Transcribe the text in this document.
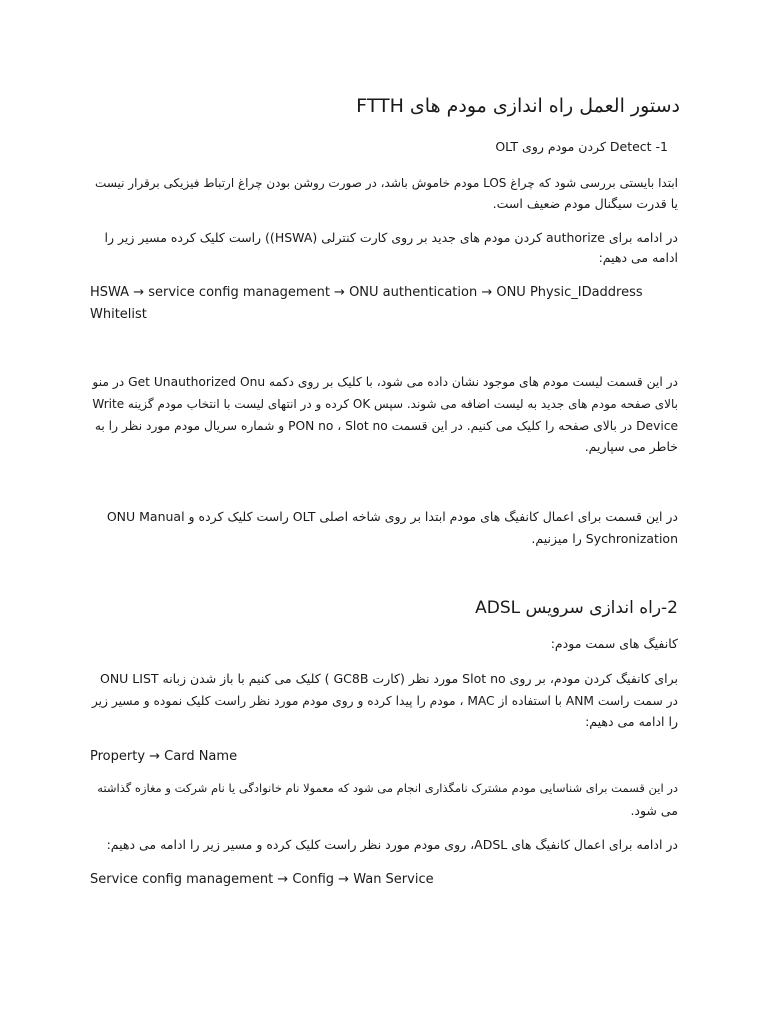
دستور العمل راه اندازی مودم های FTTH
1- Detect کردن مودم روی OLT
ابتدا بایستی بررسی شود که چراغ LOS مودم خاموش باشد، در صورت روشن بودن چراغ ارتباط فیزیکی برقرار نیست
یا قدرت سیگنال مودم ضعیف است.
در ادامه برای authorize کردن مودم های جدید بر روی کارت کنترلی (HSWA)) راست کلیک کرده مسیر زیر را
ادامه می دهیم:
HSWA → service config management → ONU authentication → ONU Physic_IDaddress
Whitelist
در این قسمت لیست مودم های موجود نشان داده می شود، با کلیک بر روی دکمه Get Unauthorized Onu در منو
بالای صفحه مودم های جدید به لیست اضافه می شوند. سپس OK کرده و در انتهای لیست با انتخاب مودم گزینه Write
Device در بالای صفحه را کلیک می کنیم. در این قسمت PON no ، Slot no و شماره سریال مودم مورد نظر را به
خاطر می سپاریم.
در این قسمت برای اعمال کانفیگ های مودم ابتدا بر روی شاخه اصلی OLT راست کلیک کرده و ONU Manual
Sychronization را میزنیم.
2-راه اندازی سرویس ADSL
کانفیگ های سمت مودم:
برای کانفیگ کردن مودم، بر روی Slot no مورد نظر (کارت GC8B ) کلیک می کنیم با باز شدن زبانه ONU LIST
در سمت راست ANM با استفاده از MAC ، مودم را پیدا کرده و روی مودم مورد نظر راست کلیک نموده و مسیر زیر
را ادامه می دهیم:
Property → Card Name
در این قسمت برای شناسایی مودم مشترک نامگذاری انجام می شود که معمولا نام خانوادگی یا نام شرکت و مغازه گذاشته
می شود.
در ادامه برای اعمال کانفیگ های ADSL، روی مودم مورد نظر راست کلیک کرده و مسیر زیر را ادامه می دهیم:
Service config management → Config → Wan Service
